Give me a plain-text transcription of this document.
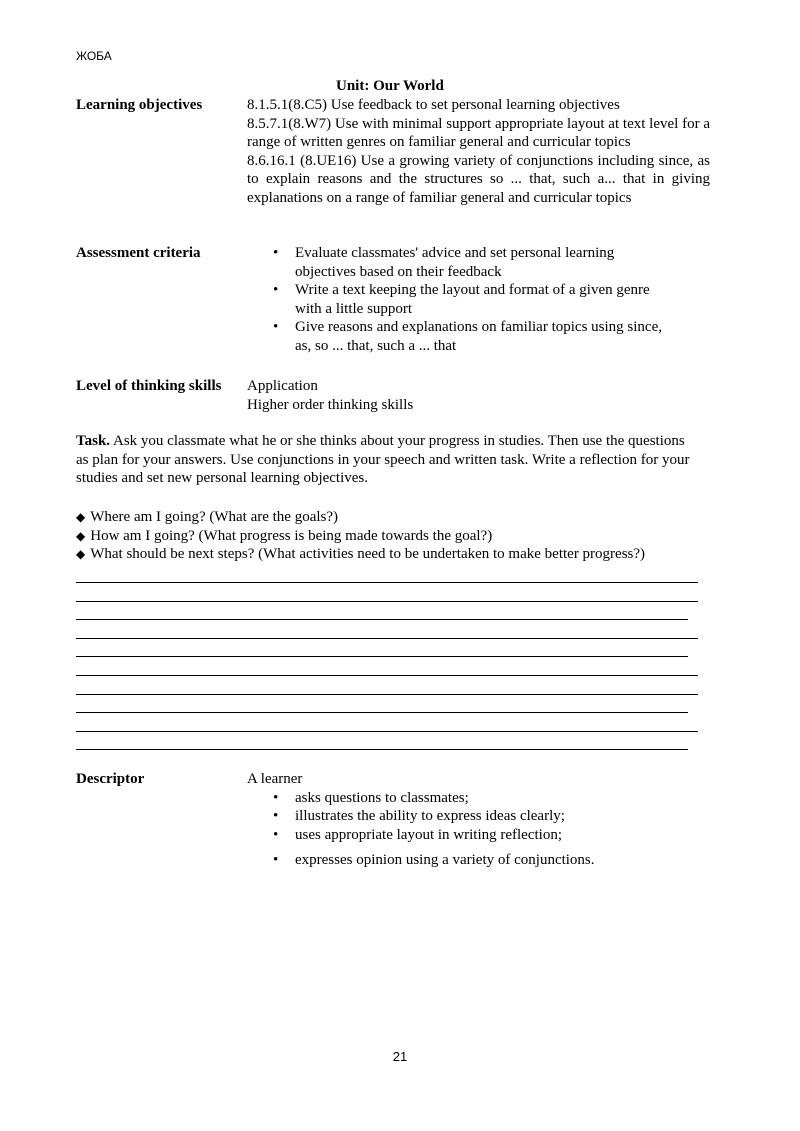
ЖОБА
Unit: Our World
Learning objectives	8.1.5.1(8.C5) Use feedback to set personal learning objectives

8.5.7.1(8.W7) Use with minimal support appropriate layout at text level for a range of written genres on familiar general and curricular topics

8.6.16.1 (8.UE16) Use a growing variety of conjunctions including since, as to explain reasons and the structures so ... that, such a... that in giving explanations on a range of familiar general and curricular topics

Assessment criteria
•	Evaluate classmates' advice and set personal learning objectives based on their feedback
• Write a text keeping the layout and format of a given genre with a little support
• Give reasons and explanations on familiar topics using since, as, so ... that, such a ... that
Level of thinking skills Application

Higher order thinking skills

Task. Ask you classmate what he or she thinks about your progress in studies. Then use the questions as plan for your answers. Use conjunctions in your speech and written task. Write a reflection for your studies and set new personal learning objectives.

◆ Where am I going? (What are the goals?)
◆ How am I going? (What progress is being made towards the goal?)
◆ What should be next steps? (What activities need to be undertaken to make better progress?)
Descriptor	A learner
• asks questions to classmates;
• illustrates the ability to express ideas clearly;
• uses appropriate layout in writing reflection;
• expresses opinion using a variety of conjunctions.
21
